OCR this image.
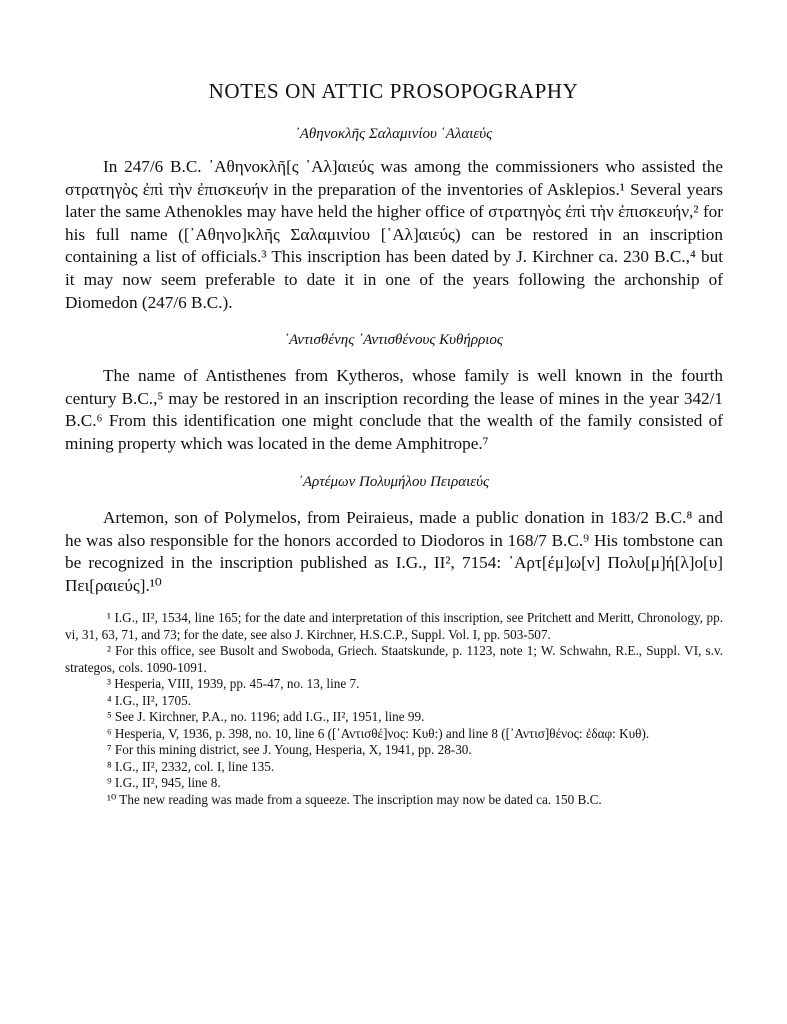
NOTES ON ATTIC PROSOPOGRAPHY
᾿Αθηνοκλῆς Σαλαμινίου ῾Αλαιεύς

In 247/6 B.C. ᾿Αθηνοκλῆ[ς ῾Αλ]αιεύς was among the commissioners who assisted the στρατηγὸς ἐπὶ τὴν ἐπισκευήν in the preparation of the inventories of Asklepios.¹ Several years later the same Athenokles may have held the higher office of στρατηγὸς ἐπὶ τὴν ἐπισκευήν,² for his full name ([᾿Αθηνο]κλῆς Σαλαμινίου [῾Αλ]αιεύς) can be restored in an inscription containing a list of officials.³ This inscription has been dated by J. Kirchner ca. 230 B.C.,⁴ but it may now seem preferable to date it in one of the years following the archonship of Diomedon (247/6 B.C.).

᾿Αντισθένης ᾿Αντισθένους Κυθήρριος

The name of Antisthenes from Kytheros, whose family is well known in the fourth century B.C.,⁵ may be restored in an inscription recording the lease of mines in the year 342/1 B.C.⁶ From this identification one might conclude that the wealth of the family consisted of mining property which was located in the deme Amphitrope.⁷

᾿Αρτέμων Πολυμήλου Πειραιεύς

Artemon, son of Polymelos, from Peiraieus, made a public donation in 183/2 B.C.⁸ and he was also responsible for the honors accorded to Diodoros in 168/7 B.C.⁹ His tombstone can be recognized in the inscription published as I.G., II², 7154: ᾿Αρτ[έμ]ω[ν] Πολυ[μ]ή[λ]ο[υ] Πει[ραιεύς].¹⁰

¹ I.G., II², 1534, line 165; for the date and interpretation of this inscription, see Pritchett and Meritt, Chronology, pp. vi, 31, 63, 71, and 73; for the date, see also J. Kirchner, H.S.C.P., Suppl. Vol. I, pp. 503-507.

² For this office, see Busolt and Swoboda, Griech. Staatskunde, p. 1123, note 1; W. Schwahn, R.E., Suppl. VI, s.v. strategos, cols. 1090-1091.

³ Hesperia, VIII, 1939, pp. 45-47, no. 13, line 7.

⁴ I.G., II², 1705.

⁵ See J. Kirchner, P.A., no. 1196; add I.G., II², 1951, line 99.

⁶ Hesperia, V, 1936, p. 398, no. 10, line 6 ([᾿Αντισθέ]νος: Κυθ:) and line 8 ([᾿Αντισ]θένος: ἐδαφ: Κυθ).

⁷ For this mining district, see J. Young, Hesperia, X, 1941, pp. 28-30.

⁸ I.G., II², 2332, col. I, line 135.

⁹ I.G., II², 945, line 8.

¹⁰ The new reading was made from a squeeze. The inscription may now be dated ca. 150 B.C.
